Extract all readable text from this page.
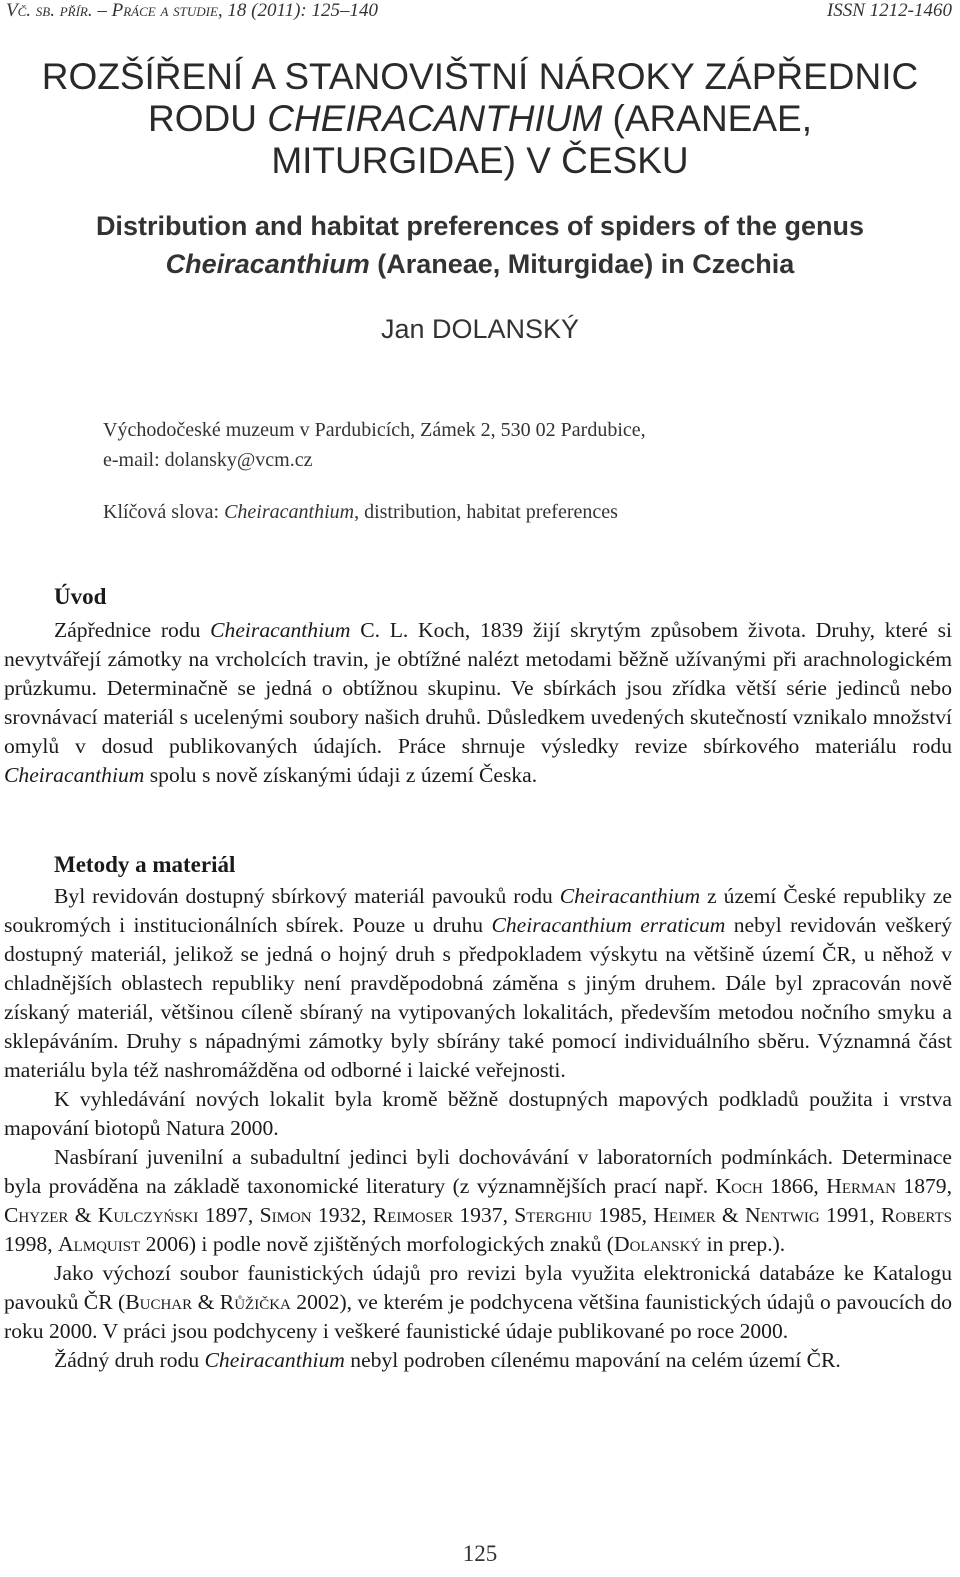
Vč. sb. přír. – Práce a studie, 18 (2011): 125–140	ISSN 1212-1460
ROZŠÍŘENÍ A STANOVIŠTNÍ NÁROKY ZÁPŘEDNIC
RODU CHEIRACANTHIUM (ARANEAE,
MITURGIDAE) V ČESKU
Distribution and habitat preferences of spiders of the genus
Cheiracanthium (Araneae, Miturgidae) in Czechia
Jan DOLANSKÝ
Východočeské muzeum v Pardubicích, Zámek 2, 530 02 Pardubice,
e-mail: dolansky@vcm.cz
Klíčová slova: Cheiracanthium, distribution, habitat preferences
Úvod

Zápřednice rodu Cheiracanthium C. L. Koch, 1839 žijí skrytým způsobem života. Druhy, které si nevytvářejí zámotky na vrcholcích travin, je obtížné nalézt metodami běžně užívanými při arachnologickém průzkumu. Determinačně se jedná o obtížnou skupinu. Ve sbírkách jsou zřídka větší série jedinců nebo srovnávací materiál s ucelenými soubory našich druhů. Důsledkem uvedených skutečností vznikalo množství omylů v dosud publikovaných údajích. Práce shrnuje výsledky revize sbírkového materiálu rodu Cheiracanthium spolu s nově získanými údaji z území Česka.

Metody a materiál

Byl revidován dostupný sbírkový materiál pavouků rodu Cheiracanthium z území České republiky ze soukromých i institucionálních sbírek. Pouze u druhu Cheiracanthium erraticum nebyl revidován veškerý dostupný materiál, jelikož se jedná o hojný druh s předpokladem výskytu na většině území ČR, u něhož v chladnějších oblastech republiky není pravděpodobná záměna s jiným druhem. Dále byl zpracován nově získaný materiál, většinou cíleně sbíraný na vytipovaných lokalitách, především metodou nočního smyku a sklepáváním. Druhy s nápadnými zámotky byly sbírány také pomocí individuálního sběru. Významná část materiálu byla též nashromážděna od odborné i laické veřejnosti.

K vyhledávání nových lokalit byla kromě běžně dostupných mapových podkladů použita i vrstva mapování biotopů Natura 2000.

Nasbíraní juvenilní a subadultní jedinci byli dochovávání v laboratorních podmínkách. Determinace byla prováděna na základě taxonomické literatury (z významnějších prací např. Koch 1866, Herman 1879, Chyzer & Kulczyński 1897, Simon 1932, Reimoser 1937, Sterghiu 1985, Heimer & Nentwig 1991, Roberts 1998, Almquist 2006) i podle nově zjištěných morfologických znaků (Dolanský in prep.).

Jako výchozí soubor faunistických údajů pro revizi byla využita elektronická databáze ke Katalogu pavouků ČR (Buchar & Růžička 2002), ve kterém je podchycena většina faunistických údajů o pavoucích do roku 2000. V práci jsou podchyceny i veškeré faunistické údaje publikované po roce 2000.

Žádný druh rodu Cheiracanthium nebyl podroben cílenému mapování na celém území ČR.

125
